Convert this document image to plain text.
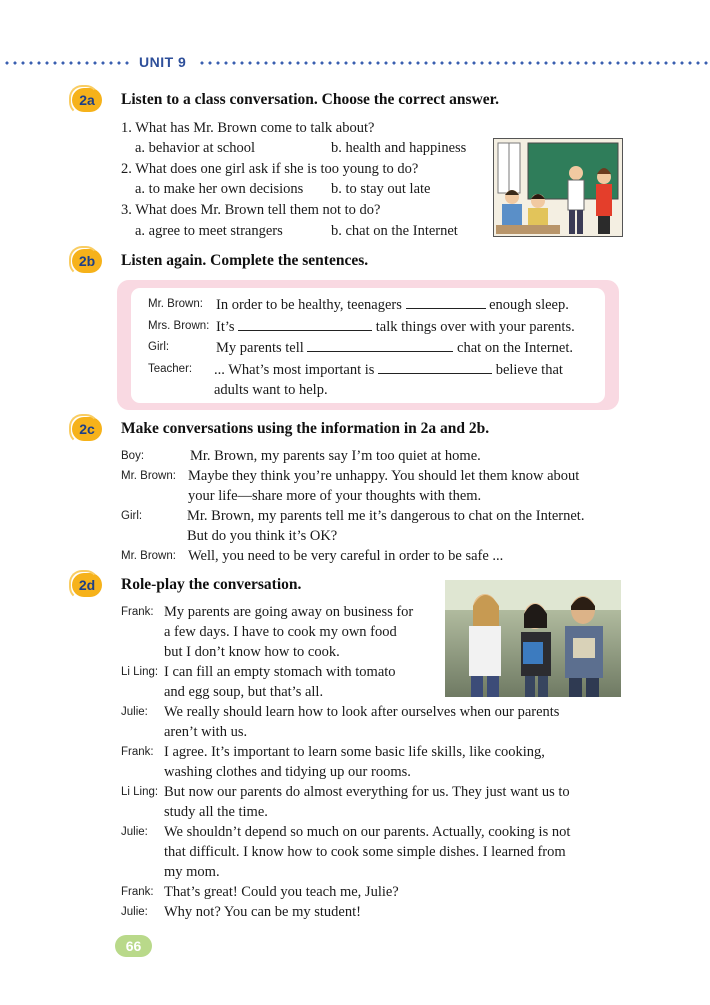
UNIT 9
2a	Listen to a class conversation. Choose the correct answer.
1. What has Mr. Brown come to talk about?
a. behavior at school	b. health and happiness
2. What does one girl ask if she is too young to do?
a. to make her own decisions b. to stay out late
3. What does Mr. Brown tell them not to do?
a. agree to meet strangers	b. chat on the Internet
2b	Listen again. Complete the sentences.
Mr. Brown: In order to be healthy, teenagers	enough sleep.
Mrs. Brown: It’s	talk things over with your parents.
Girl:	My parents tell	chat on the Internet.
Teacher: ... What’s most important is	believe that
adults want to help.
2c	Make conversations using the information in 2a and 2b.
Boy:	Mr. Brown, my parents say I’m too quiet at home.
Mr. Brown: Maybe they think you’re unhappy. You should let them know about
your life—share more of your thoughts with them.
Girl:	Mr. Brown, my parents tell me it’s dangerous to chat on the Internet.
But do you think it’s OK?
Mr. Brown: Well, you need to be very careful in order to be safe ...
2d	Role-play the conversation.
Frank: My parents are going away on business for
a few days. I have to cook my own food
but I don’t know how to cook.
Li Ling: I can fill an empty stomach with tomato
and egg soup, but that’s all.
Julie: We really should learn how to look after ourselves when our parents
aren’t with us.
Frank: I agree. It’s important to learn some basic life skills, like cooking,
washing clothes and tidying up our rooms.
Li Ling: But now our parents do almost everything for us. They just want us to
study all the time.
Julie: We shouldn’t depend so much on our parents. Actually, cooking is not
that difficult. I know how to cook some simple dishes. I learned from
my mom.
Frank: That’s great! Could you teach me, Julie?
Julie: Why not? You can be my student!
66
